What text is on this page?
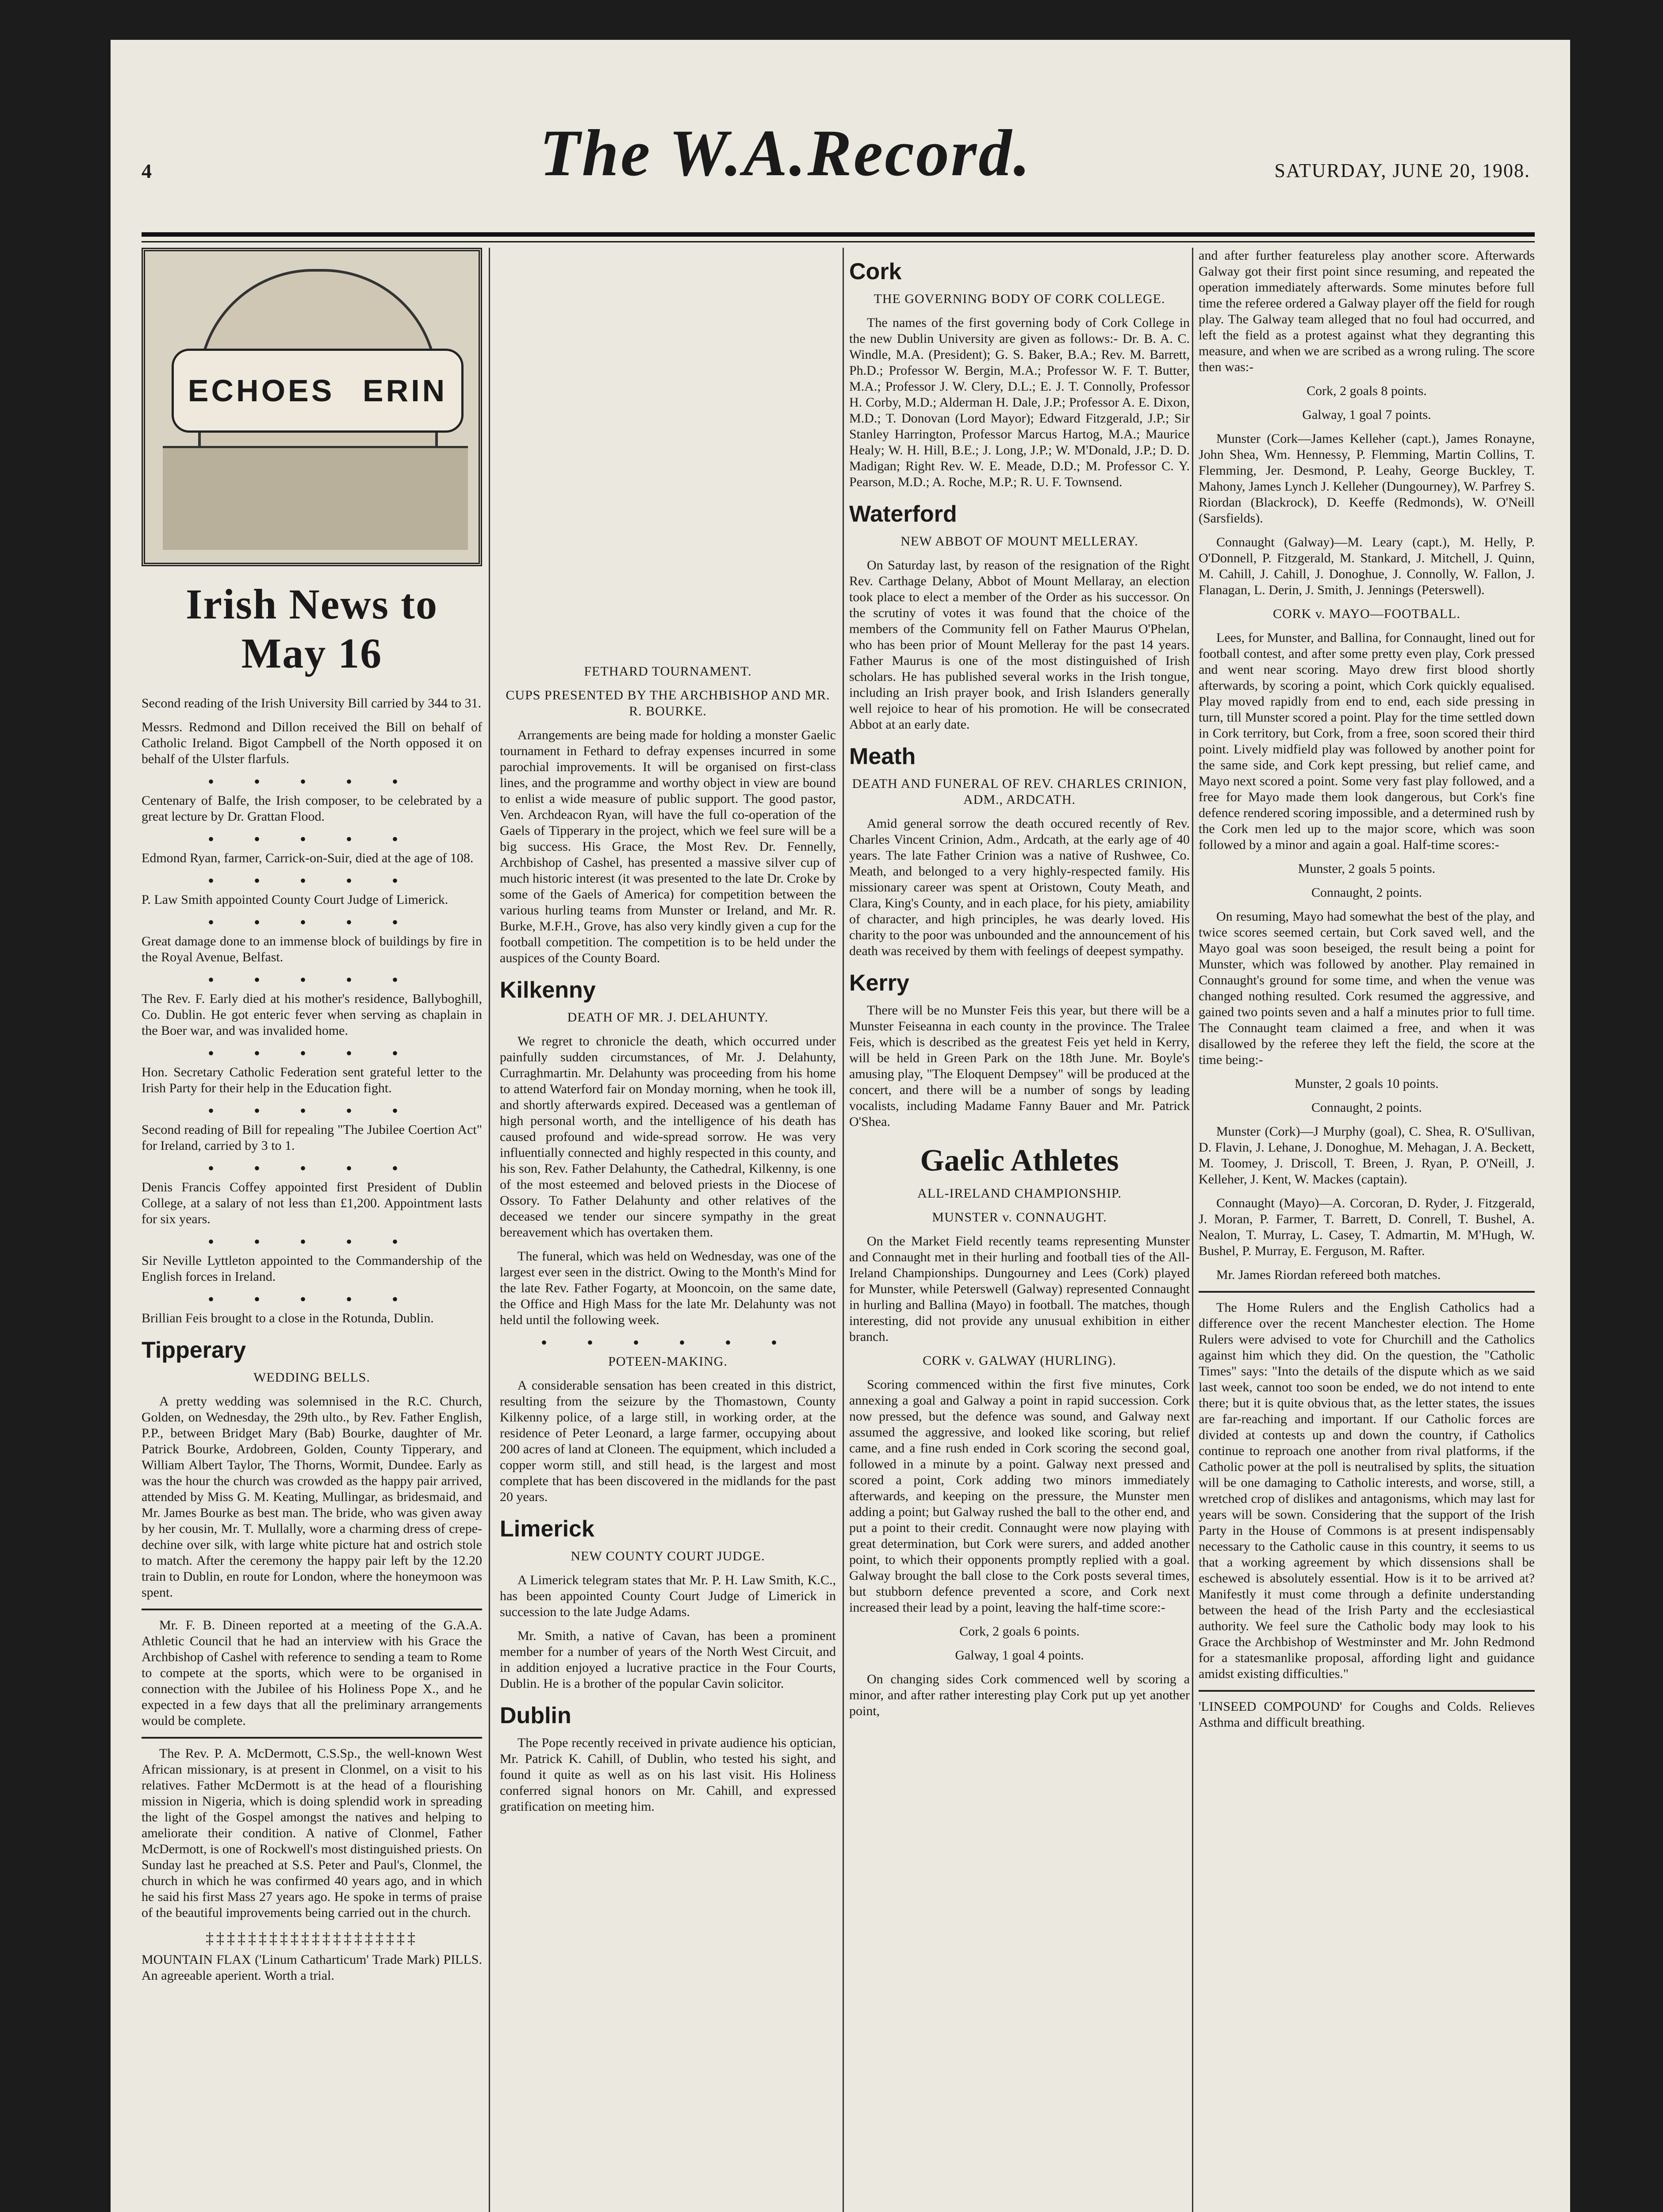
4	The W.A.Record.	SATURDAY, JUNE 20, 1908.
ECHOES ERIN
Irish News to May 16

Second reading of the Irish University Bill carried by 344 to 31.

Messrs. Redmond and Dillon received the Bill on behalf of Catholic Ireland. Bigot Campbell of the North opposed it on behalf of the Ulster flarfuls.

• • • • •

Centenary of Balfe, the Irish composer, to be celebrated by a great lecture by Dr. Grattan Flood.

• • • • •

Edmond Ryan, farmer, Carrick-on-Suir, died at the age of 108.

• • • • •

P. Law Smith appointed County Court Judge of Limerick.

• • • • •

Great damage done to an immense block of buildings by fire in the Royal Avenue, Belfast.

• • • • •

The Rev. F. Early died at his mother's residence, Ballyboghill, Co. Dublin. He got enteric fever when serving as chaplain in the Boer war, and was invalided home.

• • • • •

Hon. Secretary Catholic Federation sent grateful letter to the Irish Party for their help in the Education fight.

• • • • •

Second reading of Bill for repealing "The Jubilee Coertion Act" for Ireland, carried by 3 to 1.

• • • • •

Denis Francis Coffey appointed first President of Dublin College, at a salary of not less than £1,200. Appointment lasts for six years.

• • • • •

Sir Neville Lyttleton appointed to the Commandership of the English forces in Ireland.

• • • • •

Brillian Feis brought to a close in the Rotunda, Dublin.

Tipperary
WEDDING BELLS.

A pretty wedding was solemnised in the R.C. Church, Golden, on Wednesday, the 29th ulto., by Rev. Father English, P.P., between Bridget Mary (Bab) Bourke, daughter of Mr. Patrick Bourke, Ardobreen, Golden, County Tipperary, and William Albert Taylor, The Thorns, Wormit, Dundee. Early as was the hour the church was crowded as the happy pair arrived, attended by Miss G. M. Keating, Mullingar, as bridesmaid, and Mr. James Bourke as best man. The bride, who was given away by her cousin, Mr. T. Mullally, wore a charming dress of crepe-dechine over silk, with large white picture hat and ostrich stole to match. After the ceremony the happy pair left by the 12.20 train to Dublin, en route for London, where the honeymoon was spent.

Mr. F. B. Dineen reported at a meeting of the G.A.A. Athletic Council that he had an interview with his Grace the Archbishop of Cashel with reference to sending a team to Rome to compete at the sports, which were to be organised in connection with the Jubilee of his Holiness Pope X., and he expected in a few days that all the preliminary arrangements would be complete.

The Rev. P. A. McDermott, C.S.Sp., the well-known West African missionary, is at present in Clonmel, on a visit to his relatives. Father McDermott is at the head of a flourishing mission in Nigeria, which is doing splendid work in spreading the light of the Gospel amongst the natives and helping to ameliorate their condition. A native of Clonmel, Father McDermott, is one of Rockwell's most distinguished priests. On Sunday last he preached at S.S. Peter and Paul's, Clonmel, the church in which he was confirmed 40 years ago, and in which he said his first Mass 27 years ago. He spoke in terms of praise of the beautiful improvements being carried out in the church.

‡‡‡‡‡‡‡‡‡‡‡‡‡‡‡‡‡‡‡‡

MOUNTAIN FLAX ('Linum Catharticum' Trade Mark) PILLS. An agreeable aperient. Worth a trial.

FETHARD TOURNAMENT.
CUPS PRESENTED BY THE ARCHBISHOP AND MR. R. BOURKE.

Arrangements are being made for holding a monster Gaelic tournament in Fethard to defray expenses incurred in some parochial improvements. It will be organised on first-class lines, and the programme and worthy object in view are bound to enlist a wide measure of public support. The good pastor, Ven. Archdeacon Ryan, will have the full co-operation of the Gaels of Tipperary in the project, which we feel sure will be a big success. His Grace, the Most Rev. Dr. Fennelly, Archbishop of Cashel, has presented a massive silver cup of much historic interest (it was presented to the late Dr. Croke by some of the Gaels of America) for competition between the various hurling teams from Munster or Ireland, and Mr. R. Burke, M.F.H., Grove, has also very kindly given a cup for the football competition. The competition is to be held under the auspices of the County Board.

Kilkenny
DEATH OF MR. J. DELAHUNTY.

We regret to chronicle the death, which occurred under painfully sudden circumstances, of Mr. J. Delahunty, Curraghmartin. Mr. Delahunty was proceeding from his home to attend Waterford fair on Monday morning, when he took ill, and shortly afterwards expired. Deceased was a gentleman of high personal worth, and the intelligence of his death has caused profound and wide-spread sorrow. He was very influentially connected and highly respected in this county, and his son, Rev. Father Delahunty, the Cathedral, Kilkenny, is one of the most esteemed and beloved priests in the Diocese of Ossory. To Father Delahunty and other relatives of the deceased we tender our sincere sympathy in the great bereavement which has overtaken them.

The funeral, which was held on Wednesday, was one of the largest ever seen in the district. Owing to the Month's Mind for the late Rev. Father Fogarty, at Mooncoin, on the same date, the Office and High Mass for the late Mr. Delahunty was not held until the following week.

• • • • • •
POTEEN-MAKING.

A considerable sensation has been created in this district, resulting from the seizure by the Thomastown, County Kilkenny police, of a large still, in working order, at the residence of Peter Leonard, a large farmer, occupying about 200 acres of land at Cloneen. The equipment, which included a copper worm still, and still head, is the largest and most complete that has been discovered in the midlands for the past 20 years.

Limerick
NEW COUNTY COURT JUDGE.

A Limerick telegram states that Mr. P. H. Law Smith, K.C., has been appointed County Court Judge of Limerick in succession to the late Judge Adams.

Mr. Smith, a native of Cavan, has been a prominent member for a number of years of the North West Circuit, and in addition enjoyed a lucrative practice in the Four Courts, Dublin. He is a brother of the popular Cavin solicitor.

Dublin

The Pope recently received in private audience his optician, Mr. Patrick K. Cahill, of Dublin, who tested his sight, and found it quite as well as on his last visit. His Holiness conferred signal honors on Mr. Cahill, and expressed gratification on meeting him.

Cork
THE GOVERNING BODY OF CORK COLLEGE.

The names of the first governing body of Cork College in the new Dublin University are given as follows:- Dr. B. A. C. Windle, M.A. (President); G. S. Baker, B.A.; Rev. M. Barrett, Ph.D.; Professor W. Bergin, M.A.; Professor W. F. T. Butter, M.A.; Professor J. W. Clery, D.L.; E. J. T. Connolly, Professor H. Corby, M.D.; Alderman H. Dale, J.P.; Professor A. E. Dixon, M.D.; T. Donovan (Lord Mayor); Edward Fitzgerald, J.P.; Sir Stanley Harrington, Professor Marcus Hartog, M.A.; Maurice Healy; W. H. Hill, B.E.; J. Long, J.P.; W. M'Donald, J.P.; D. D. Madigan; Right Rev. W. E. Meade, D.D.; M. Professor C. Y. Pearson, M.D.; A. Roche, M.P.; R. U. F. Townsend.

Waterford
NEW ABBOT OF MOUNT MELLERAY.

On Saturday last, by reason of the resignation of the Right Rev. Carthage Delany, Abbot of Mount Mellaray, an election took place to elect a member of the Order as his successor. On the scrutiny of votes it was found that the choice of the members of the Community fell on Father Maurus O'Phelan, who has been prior of Mount Melleray for the past 14 years. Father Maurus is one of the most distinguished of Irish scholars. He has published several works in the Irish tongue, including an Irish prayer book, and Irish Islanders generally well rejoice to hear of his promotion. He will be consecrated Abbot at an early date.

Meath
DEATH AND FUNERAL OF REV. CHARLES CRINION, ADM., ARDCATH.

Amid general sorrow the death occured recently of Rev. Charles Vincent Crinion, Adm., Ardcath, at the early age of 40 years. The late Father Crinion was a native of Rushwee, Co. Meath, and belonged to a very highly-respected family. His missionary career was spent at Oristown, Couty Meath, and Clara, King's County, and in each place, for his piety, amiability of character, and high principles, he was dearly loved. His charity to the poor was unbounded and the announcement of his death was received by them with feelings of deepest sympathy.

Kerry

There will be no Munster Feis this year, but there will be a Munster Feiseanna in each county in the province. The Tralee Feis, which is described as the greatest Feis yet held in Kerry, will be held in Green Park on the 18th June. Mr. Boyle's amusing play, "The Eloquent Dempsey" will be produced at the concert, and there will be a number of songs by leading vocalists, including Madame Fanny Bauer and Mr. Patrick O'Shea.

Gaelic Athletes
ALL-IRELAND CHAMPIONSHIP.
MUNSTER v. CONNAUGHT.

On the Market Field recently teams representing Munster and Connaught met in their hurling and football ties of the All-Ireland Championships. Dungourney and Lees (Cork) played for Munster, while Peterswell (Galway) represented Connaught in hurling and Ballina (Mayo) in football. The matches, though interesting, did not provide any unusual exhibition in either branch.

CORK v. GALWAY (HURLING).

Scoring commenced within the first five minutes, Cork annexing a goal and Galway a point in rapid succession. Cork now pressed, but the defence was sound, and Galway next assumed the aggressive, and looked like scoring, but relief came, and a fine rush ended in Cork scoring the second goal, followed in a minute by a point. Galway next pressed and scored a point, Cork adding two minors immediately afterwards, and keeping on the pressure, the Munster men adding a point; but Galway rushed the ball to the other end, and put a point to their credit. Connaught were now playing with great determination, but Cork were surers, and added another point, to which their opponents promptly replied with a goal. Galway brought the ball close to the Cork posts several times, but stubborn defence prevented a score, and Cork next increased their lead by a point, leaving the half-time score:-

Cork, 2 goals 6 points.
Galway, 1 goal 4 points.

On changing sides Cork commenced well by scoring a minor, and after rather interesting play Cork put up yet another point,

and after further featureless play another score. Afterwards Galway got their first point since resuming, and repeated the operation immediately afterwards. Some minutes before full time the referee ordered a Galway player off the field for rough play. The Galway team alleged that no foul had occurred, and left the field as a protest against what they degranting this measure, and when we are scribed as a wrong ruling. The score then was:-

Cork, 2 goals 8 points.
Galway, 1 goal 7 points.

Munster (Cork—James Kelleher (capt.), James Ronayne, John Shea, Wm. Hennessy, P. Flemming, Martin Collins, T. Flemming, Jer. Desmond, P. Leahy, George Buckley, T. Mahony, James Lynch J. Kelleher (Dungourney), W. Parfrey S. Riordan (Blackrock), D. Keeffe (Redmonds), W. O'Neill (Sarsfields).

Connaught (Galway)—M. Leary (capt.), M. Helly, P. O'Donnell, P. Fitzgerald, M. Stankard, J. Mitchell, J. Quinn, M. Cahill, J. Cahill, J. Donoghue, J. Connolly, W. Fallon, J. Flanagan, L. Derin, J. Smith, J. Jennings (Peterswell).

CORK v. MAYO—FOOTBALL.

Lees, for Munster, and Ballina, for Connaught, lined out for football contest, and after some pretty even play, Cork pressed and went near scoring. Mayo drew first blood shortly afterwards, by scoring a point, which Cork quickly equalised. Play moved rapidly from end to end, each side pressing in turn, till Munster scored a point. Play for the time settled down in Cork territory, but Cork, from a free, soon scored their third point. Lively midfield play was followed by another point for the same side, and Cork kept pressing, but relief came, and Mayo next scored a point. Some very fast play followed, and a free for Mayo made them look dangerous, but Cork's fine defence rendered scoring impossible, and a determined rush by the Cork men led up to the major score, which was soon followed by a minor and again a goal. Half-time scores:-

Munster, 2 goals 5 points.
Connaught, 2 points.

On resuming, Mayo had somewhat the best of the play, and twice scores seemed certain, but Cork saved well, and the Mayo goal was soon beseiged, the result being a point for Munster, which was followed by another. Play remained in Connaught's ground for some time, and when the venue was changed nothing resulted. Cork resumed the aggressive, and gained two points seven and a half a minutes prior to full time. The Connaught team claimed a free, and when it was disallowed by the referee they left the field, the score at the time being:-

Munster, 2 goals 10 points.
Connaught, 2 points.

Munster (Cork)—J Murphy (goal), C. Shea, R. O'Sullivan, D. Flavin, J. Lehane, J. Donoghue, M. Mehagan, J. A. Beckett, M. Toomey, J. Driscoll, T. Breen, J. Ryan, P. O'Neill, J. Kelleher, J. Kent, W. Mackes (captain).

Connaught (Mayo)—A. Corcoran, D. Ryder, J. Fitzgerald, J. Moran, P. Farmer, T. Barrett, D. Conrell, T. Bushel, A. Nealon, T. Murray, L. Casey, T. Admartin, M. M'Hugh, W. Bushel, P. Murray, E. Ferguson, M. Rafter.

Mr. James Riordan refereed both matches.

The Home Rulers and the English Catholics had a difference over the recent Manchester election. The Home Rulers were advised to vote for Churchill and the Catholics against him which they did. On the question, the "Catholic Times" says: "Into the details of the dispute which as we said last week, cannot too soon be ended, we do not intend to ente there; but it is quite obvious that, as the letter states, the issues are far-reaching and important. If our Catholic forces are divided at contests up and down the country, if Catholics continue to reproach one another from rival platforms, if the Catholic power at the poll is neutralised by splits, the situation will be one damaging to Catholic interests, and worse, still, a wretched crop of dislikes and antagonisms, which may last for years will be sown. Considering that the support of the Irish Party in the House of Commons is at present indispensably necessary to the Catholic cause in this country, it seems to us that a working agreement by which dissensions shall be eschewed is absolutely essential. How is it to be arrived at? Manifestly it must come through a definite understanding between the head of the Irish Party and the ecclesiastical authority. We feel sure the Catholic body may look to his Grace the Archbishop of Westminster and Mr. John Redmond for a statesmanlike proposal, affording light and guidance amidst existing difficulties."

'LINSEED COMPOUND' for Coughs and Colds. Relieves Asthma and difficult breathing.
